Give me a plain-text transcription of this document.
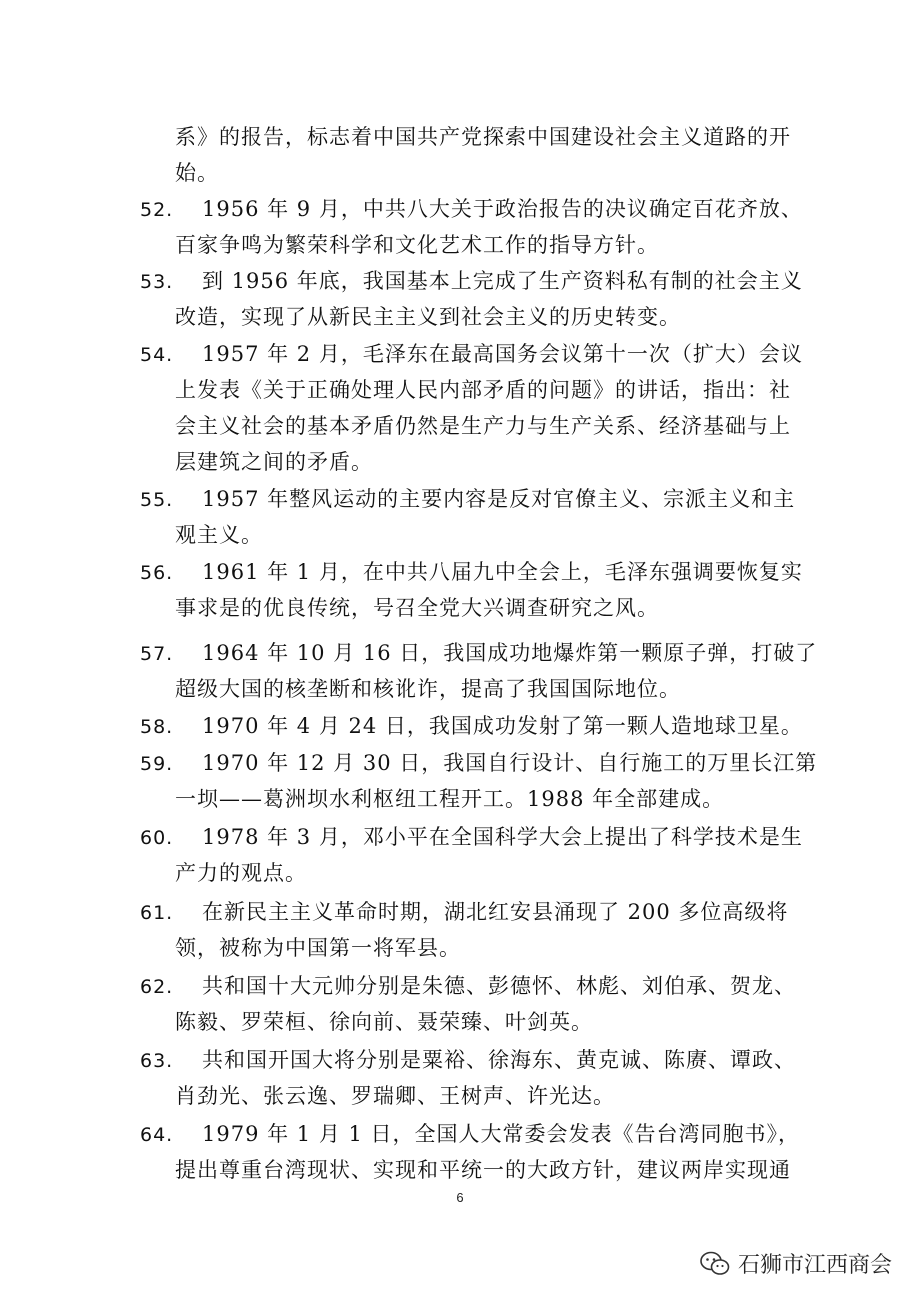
系》的报告，标志着中国共产党探索中国建设社会主义道路的开
始。
52. 1956 年 9 月，中共八大关于政治报告的决议确定百花齐放、
百家争鸣为繁荣科学和文化艺术工作的指导方针。
53. 到 1956 年底，我国基本上完成了生产资料私有制的社会主义
改造，实现了从新民主主义到社会主义的历史转变。
54. 1957 年 2 月，毛泽东在最高国务会议第十一次（扩大）会议
上发表《关于正确处理人民内部矛盾的问题》的讲话，指出：社
会主义社会的基本矛盾仍然是生产力与生产关系、经济基础与上
层建筑之间的矛盾。
55. 1957 年整风运动的主要内容是反对官僚主义、宗派主义和主
观主义。
56. 1961 年 1 月，在中共八届九中全会上，毛泽东强调要恢复实
事求是的优良传统，号召全党大兴调查研究之风。
57. 1964 年 10 月 16 日，我国成功地爆炸第一颗原子弹，打破了
超级大国的核垄断和核讹诈，提高了我国国际地位。
58. 1970 年 4 月 24 日，我国成功发射了第一颗人造地球卫星。
59. 1970 年 12 月 30 日，我国自行设计、自行施工的万里长江第
一坝——葛洲坝水利枢纽工程开工。1988 年全部建成。
60. 1978 年 3 月，邓小平在全国科学大会上提出了科学技术是生
产力的观点。
61. 在新民主主义革命时期，湖北红安县涌现了 200 多位高级将
领，被称为中国第一将军县。
62. 共和国十大元帅分别是朱德、彭德怀、林彪、刘伯承、贺龙、
陈毅、罗荣桓、徐向前、聂荣臻、叶剑英。
63. 共和国开国大将分别是粟裕、徐海东、黄克诚、陈赓、谭政、
肖劲光、张云逸、罗瑞卿、王树声、许光达。
64. 1979 年 1 月 1 日，全国人大常委会发表《告台湾同胞书》，
提出尊重台湾现状、实现和平统一的大政方针，建议两岸实现通
6
石狮市江西商会
